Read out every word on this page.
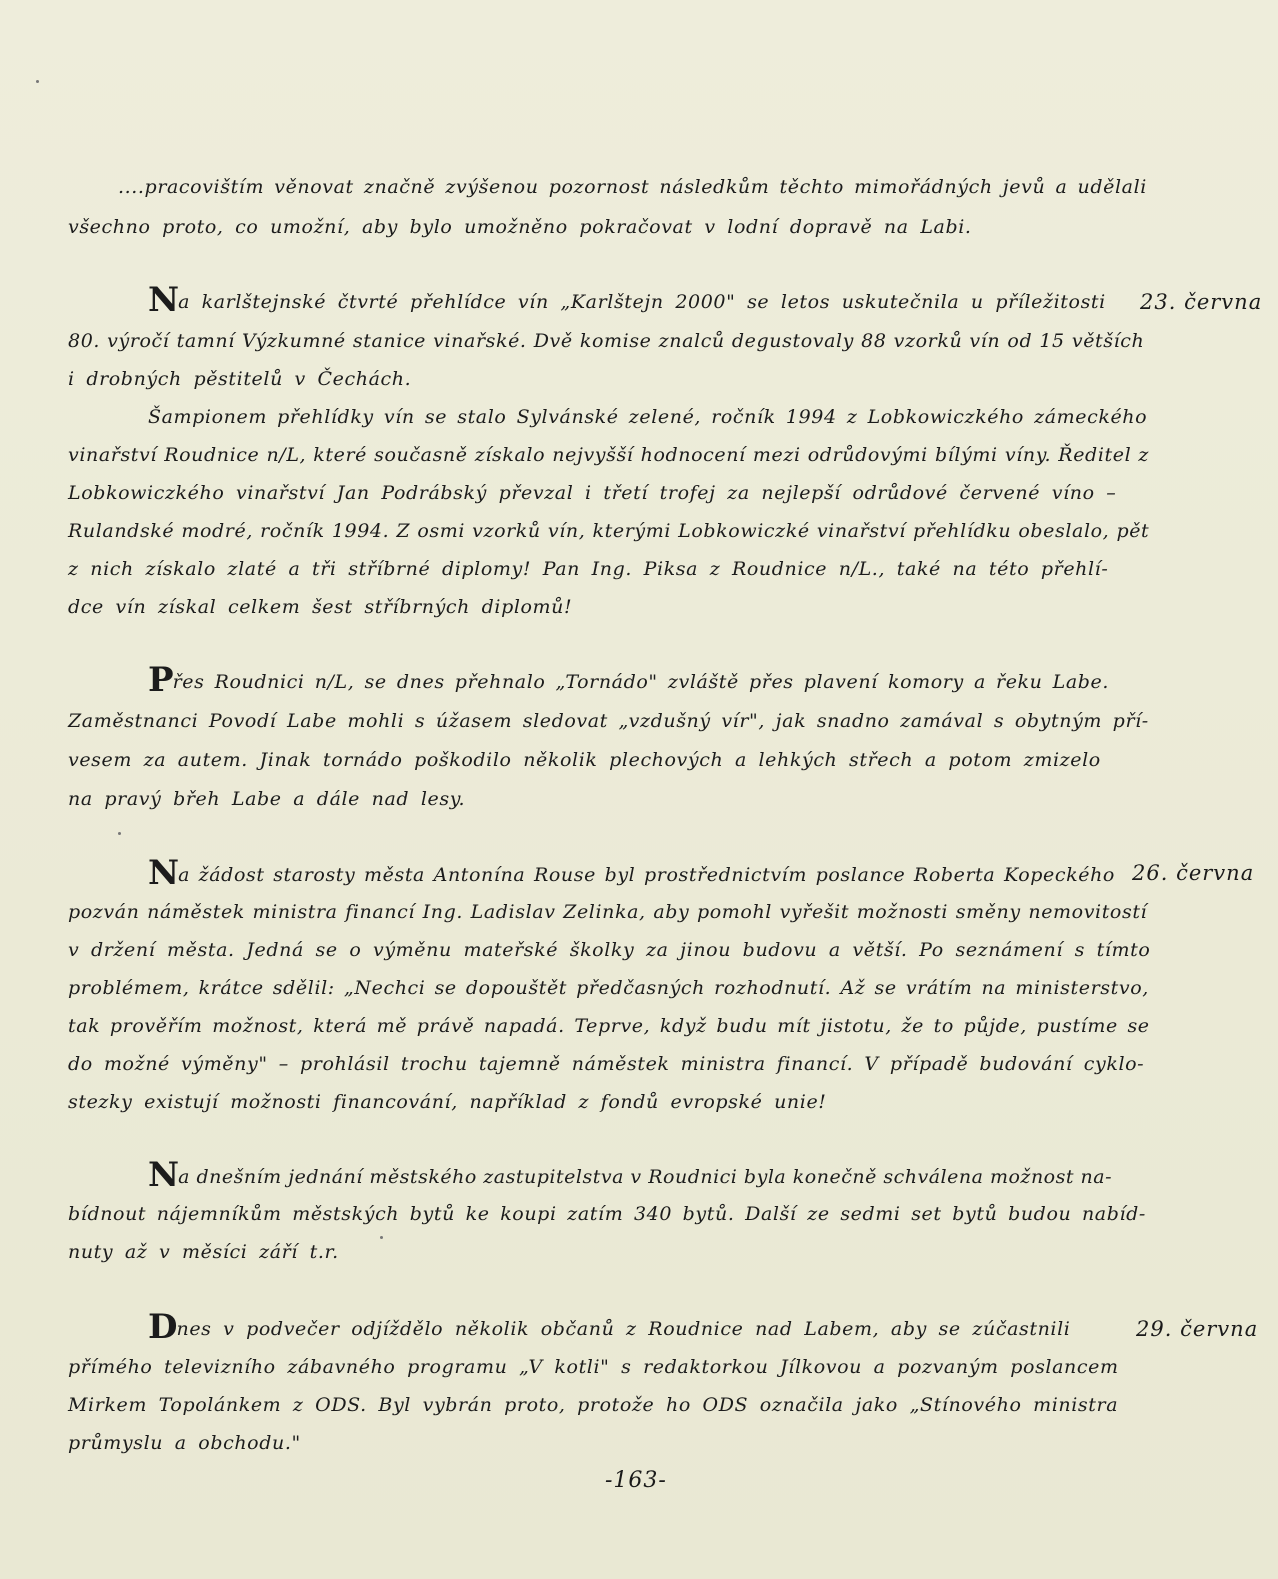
....pracovištím věnovat značně zvýšenou pozornost následkům těchto mimořádných jevů a udělali
všechno proto, co umožní, aby bylo umožněno pokračovat v lodní dopravě na Labi.
Na karlštejnské čtvrté přehlídce vín „Karlštejn 2000" se letos uskutečnila u příležitosti 23. června
80. výročí tamní Výzkumné stanice vinařské. Dvě komise znalců degustovaly 88 vzorků vín od 15 větších
i drobných pěstitelů v Čechách.
Šampionem přehlídky vín se stalo Sylvánské zelené, ročník 1994 z Lobkowiczkého zámeckého
vinařství Roudnice n/L, které současně získalo nejvyšší hodnocení mezi odrůdovými bílými víny. Ředitel z
Lobkowiczkého vinařství Jan Podrábský převzal i třetí trofej za nejlepší odrůdové červené víno –
Rulandské modré, ročník 1994. Z osmi vzorků vín, kterými Lobkowiczké vinařství přehlídku obeslalo, pět
z nich získalo zlaté a tři stříbrné diplomy! Pan Ing. Piksa z Roudnice n/L., také na této přehlí-
dce vín získal celkem šest stříbrných diplomů!
Přes Roudnici n/L, se dnes přehnalo „Tornádo" zvláště přes plavení komory a řeku Labe.
Zaměstnanci Povodí Labe mohli s úžasem sledovat „vzdušný vír", jak snadno zamával s obytným pří-
vesem za autem. Jinak tornádo poškodilo několik plechových a lehkých střech a potom zmizelo
na pravý břeh Labe a dále nad lesy.
Na žádost starosty města Antonína Rouse byl prostřednictvím poslance Roberta Kopeckého 26. června
pozván náměstek ministra financí Ing. Ladislav Zelinka, aby pomohl vyřešit možnosti směny nemovitostí
v držení města. Jedná se o výměnu mateřské školky za jinou budovu a větší. Po seznámení s tímto
problémem, krátce sdělil: „Nechci se dopouštět předčasných rozhodnutí. Až se vrátím na ministerstvo,
tak prověřím možnost, která mě právě napadá. Teprve, když budu mít jistotu, že to půjde, pustíme se
do možné výměny" – prohlásil trochu tajemně náměstek ministra financí. V případě budování cyklo-
stezky existují možnosti financování, například z fondů evropské unie!
Na dnešním jednání městského zastupitelstva v Roudnici byla konečně schválena možnost na-
bídnout nájemníkům městských bytů ke koupi zatím 340 bytů. Další ze sedmi set bytů budou nabíd-
nuty až v měsíci září t.r.
Dnes v podvečer odjíždělo několik občanů z Roudnice nad Labem, aby se zúčastnili	29. června
přímého televizního zábavného programu „V kotli" s redaktorkou Jílkovou a pozvaným poslancem
Mirkem Topolánkem z ODS. Byl vybrán proto, protože ho ODS označila jako „Stínového ministra
průmyslu a obchodu."
-163-
